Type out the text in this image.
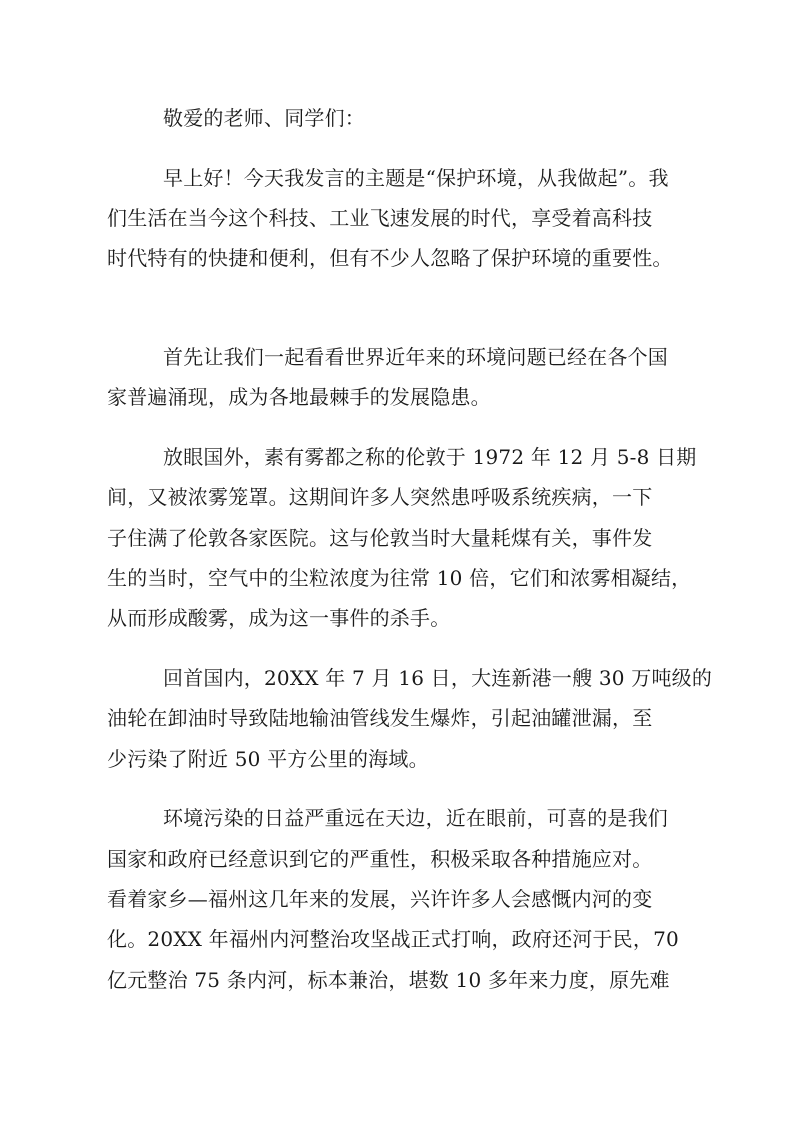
敬爱的老师、同学们：
早上好！今天我发言的主题是“保护环境，从我做起”。我
们生活在当今这个科技、工业飞速发展的时代，享受着高科技
时代特有的快捷和便利，但有不少人忽略了保护环境的重要性。
首先让我们一起看看世界近年来的环境问题已经在各个国
家普遍涌现，成为各地最棘手的发展隐患。
放眼国外，素有雾都之称的伦敦于 1972 年 12 月 5-8 日期
间，又被浓雾笼罩。这期间许多人突然患呼吸系统疾病，一下
子住满了伦敦各家医院。这与伦敦当时大量耗煤有关，事件发
生的当时，空气中的尘粒浓度为往常 10 倍，它们和浓雾相凝结，
从而形成酸雾，成为这一事件的杀手。
回首国内，20XX 年 7 月 16 日，大连新港一艘 30 万吨级的
油轮在卸油时导致陆地输油管线发生爆炸，引起油罐泄漏，至
少污染了附近 50 平方公里的海域。
环境污染的日益严重远在天边，近在眼前，可喜的是我们
国家和政府已经意识到它的严重性，积极采取各种措施应对。
看着家乡—福州这几年来的发展，兴许许多人会感慨内河的变
化。20XX 年福州内河整治攻坚战正式打响，政府还河于民，70
亿元整治 75 条内河，标本兼治，堪数 10 多年来力度，原先难
